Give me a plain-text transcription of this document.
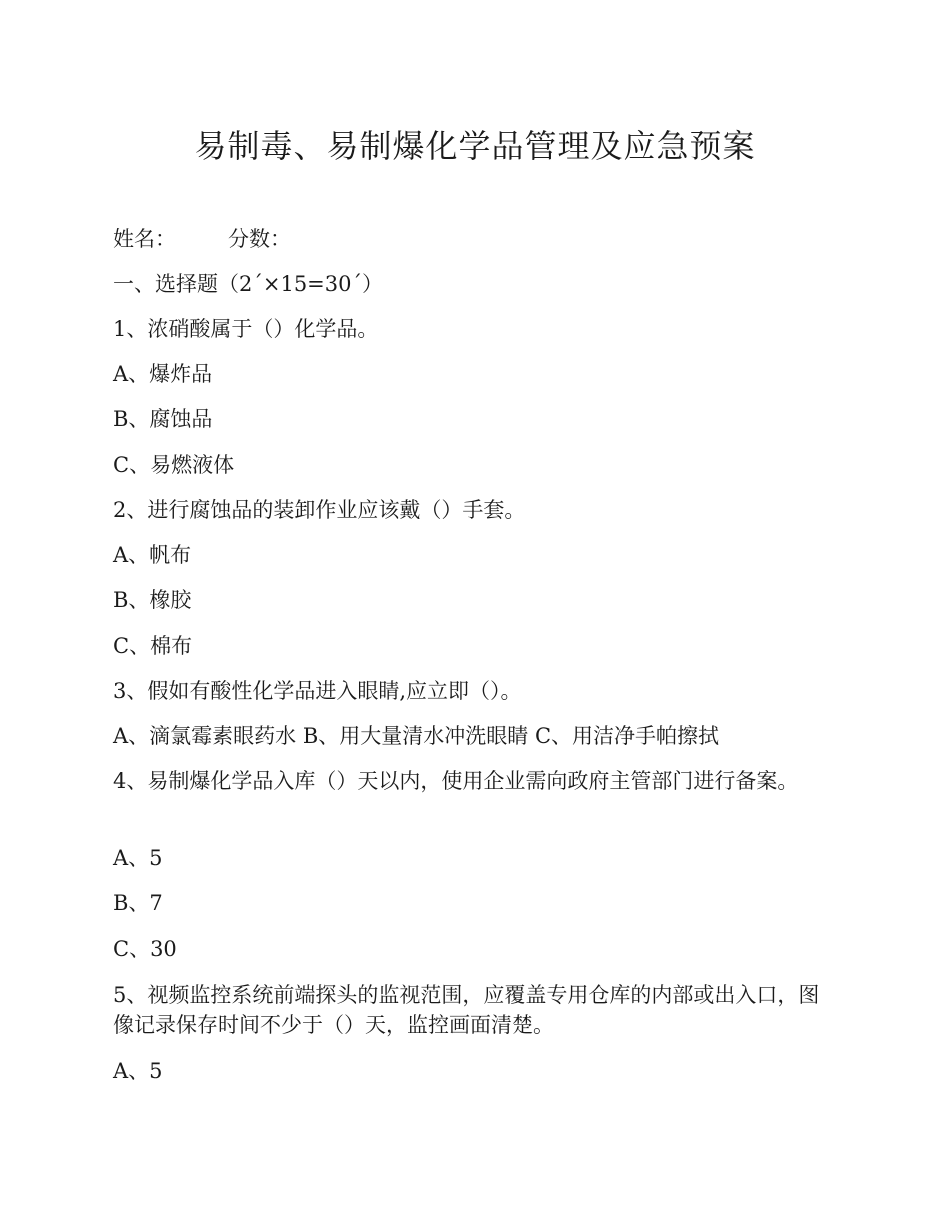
易制毒、易制爆化学品管理及应急预案

姓名： 分数：

一、选择题（2´×15=30´）

1、浓硝酸属于（）化学品。

A、爆炸品

B、腐蚀品

C、易燃液体

2、进行腐蚀品的装卸作业应该戴（）手套。

A、帆布

B、橡胶

C、棉布

3、假如有酸性化学品进入眼睛,应立即（）。

A、滴氯霉素眼药水 B、用大量清水冲洗眼睛 C、用洁净手帕擦拭

4、易制爆化学品入库（）天以内，使用企业需向政府主管部门进行备案。

A、5

B、7

C、30

5、视频监控系统前端探头的监视范围，应覆盖专用仓库的内部或出入口，图像记录保存时间不少于（）天，监控画面清楚。

A、5
